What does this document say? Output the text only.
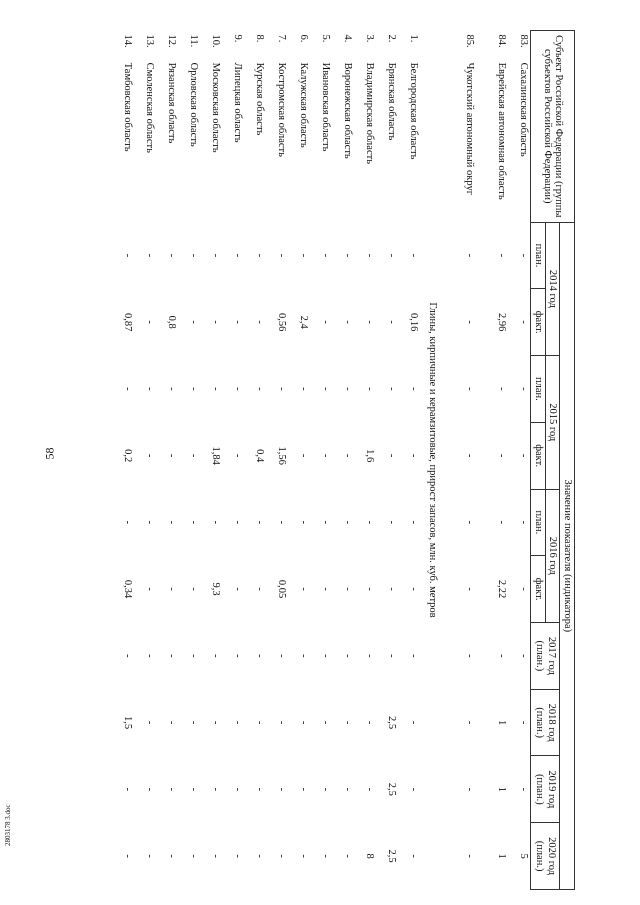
58
2803178 3.doc
Субъект Российской Федерации (группы субъектов Российской Федерации)		Значение показателя (индикатора)									
		2014 год		2015 год		2016 год		2017 год (план.)	2018 год (план.)	2019 год (план.)	2020 год (план.)
		план.	факт.	план.	факт.	план.	факт.				
83.	Сахалинская область	-	-	-	-	-	-	-	-	-	5
84.	Еврейская автономная область	-	2,96	-	-	-	2,22	-	1	1	1
85.	Чукотский автономный округ	-	-	-	-	-	-	-	-	-	-
Глины, кирпичные и керамзитовые, прирост запасов, млн. куб. метров											
1.	Белгородская область	-	0,16	-	-	-	-	-	-	-	-
2.	Брянская область	-	-	-	-	-	-	-	2,5	2,5	2,5
3.	Владимирская область	-	-	-	1,6	-	-	-	-	-	8
4.	Воронежская область	-	-	-	-	-	-	-	-	-	-
5.	Ивановская область	-	-	-	-	-	-	-	-	-	-
6.	Калужская область	-	2,4	-	-	-	-	-	-	-	-
7.	Костромская область	-	0,56	-	1,56	-	0,05	-	-	-	-
8.	Курская область	-	-	-	0,4	-	-	-	-	-	-
9.	Липецкая область	-	-	-	-	-	-	-	-	-	-
10.	Московская область	-	-	-	1,84	-	9,3	-	-	-	-
11.	Орловская область	-	-	-	-	-	-	-	-	-	-
12.	Рязанская область	-	0,8	-	-	-	-	-	-	-	-
13.	Смоленская область	-	-	-	-	-	-	-	-	-	-
14.	Тамбовская область	-	0,87	-	0,2	-	0,34	-	1,5	-	-
